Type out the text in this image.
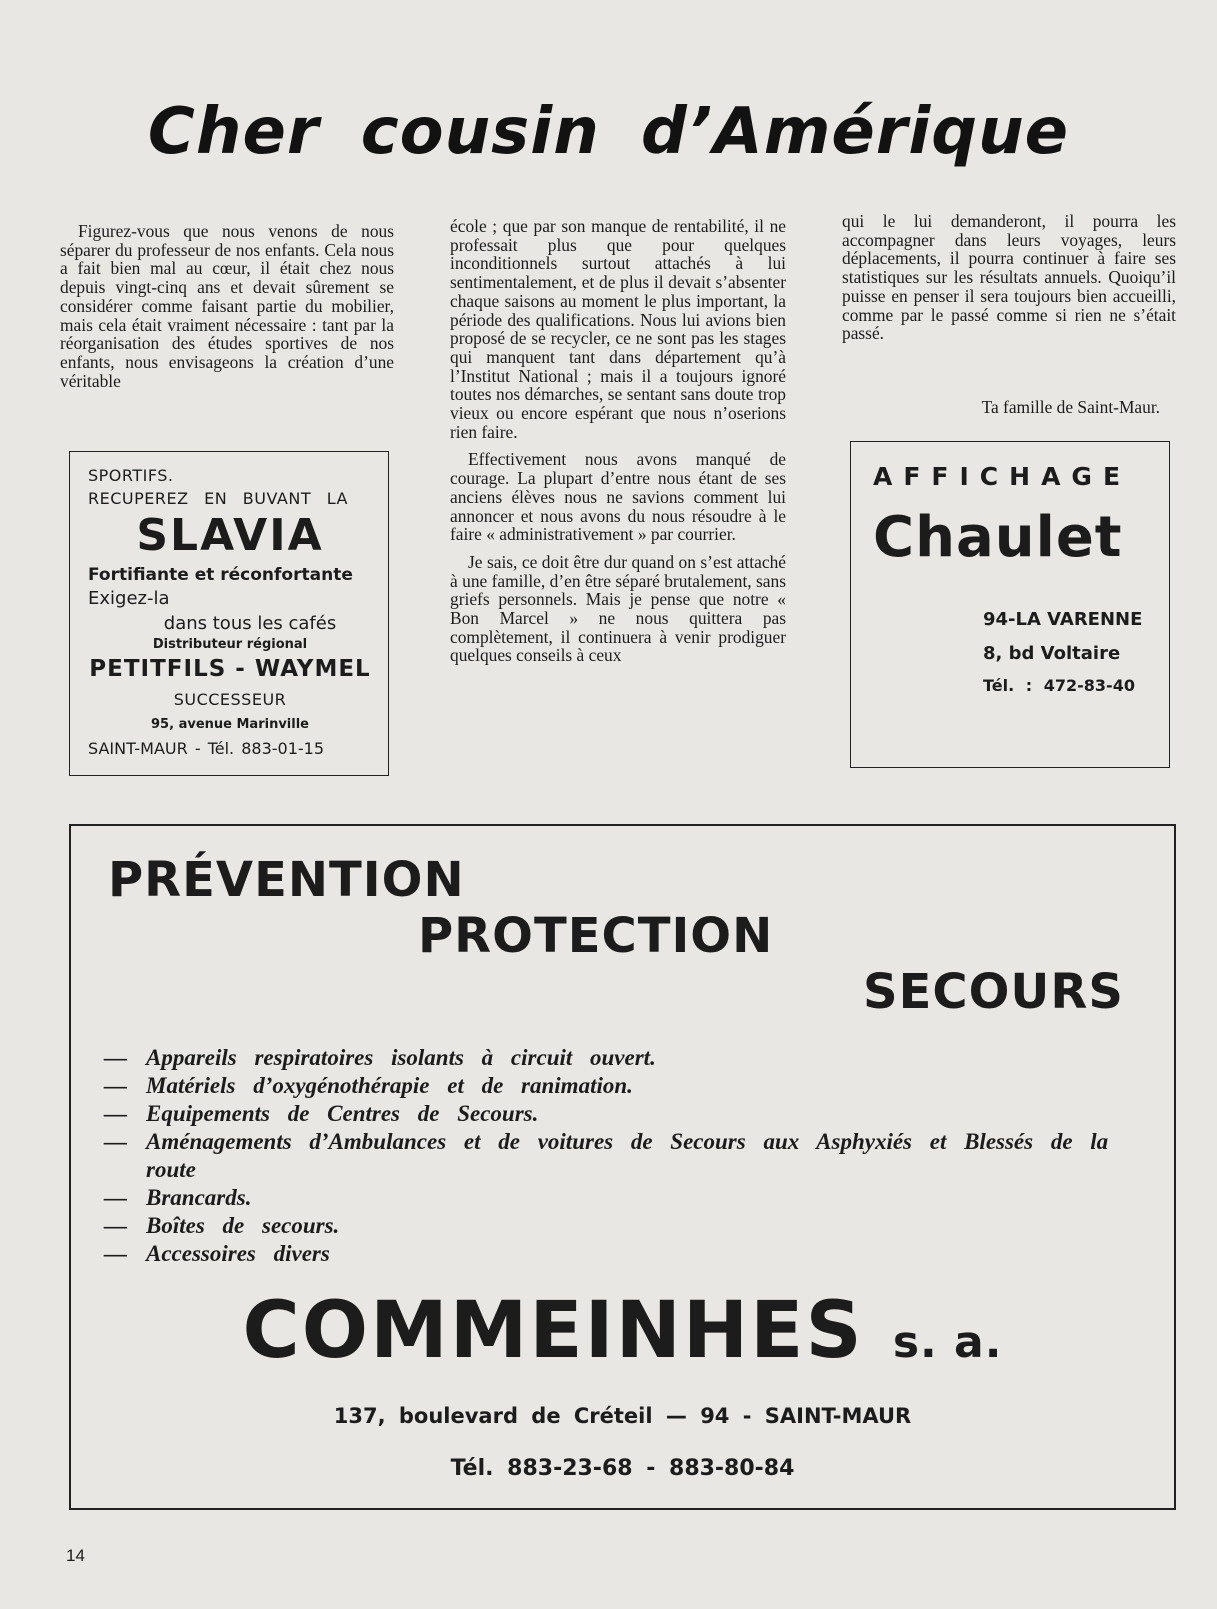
Cher cousin d’Amérique

Figurez-vous que nous venons de nous séparer du professeur de nos enfants. Cela nous a fait bien mal au cœur, il était chez nous depuis vingt-cinq ans et devait sûrement se considérer comme faisant partie du mobilier, mais cela était vraiment nécessaire : tant par la réorganisation des études sportives de nos enfants, nous envisageons la création d’une véritable

école ; que par son manque de rentabilité, il ne professait plus que pour quelques inconditionnels surtout attachés à lui sentimentalement, et de plus il devait s’absenter chaque saisons au moment le plus important, la période des qualifications. Nous lui avions bien proposé de se recycler, ce ne sont pas les stages qui manquent tant dans département qu’à l’Institut National ; mais il a toujours ignoré toutes nos démarches, se sentant sans doute trop vieux ou encore espérant que nous n’oserions rien faire.

Effectivement nous avons manqué de courage. La plupart d’entre nous étant de ses anciens élèves nous ne savions comment lui annoncer et nous avons du nous résoudre à le faire « administrativement » par courrier.

Je sais, ce doit être dur quand on s’est attaché à une famille, d’en être séparé brutalement, sans griefs personnels. Mais je pense que notre « Bon Marcel » ne nous quittera pas complètement, il continuera à venir prodiguer quelques conseils à ceux

qui le lui demanderont, il pourra les accompagner dans leurs voyages, leurs déplacements, il pourra continuer à faire ses statistiques sur les résultats annuels. Quoiqu’il puisse en penser il sera toujours bien accueilli, comme par le passé comme si rien ne s’était passé.

Ta famille de Saint-Maur.

SPORTIFS.

RECUPEREZ EN BUVANT LA

SLAVIA

Fortifiante et réconfortante

Exigez-la

dans tous les cafés

Distributeur régional

PETITFILS - WAYMEL

SUCCESSEUR

95, avenue Marinville

SAINT-MAUR - Tél. 883-01-15

AFFICHAGE

Chaulet

94-LA VARENNE

8, bd Voltaire

Tél. : 472-83-40

PRÉVENTION

PROTECTION

SECOURS

— Appareils respiratoires isolants à circuit ouvert.
— Matériels d’oxygénothérapie et de ranimation.
— Equipements de Centres de Secours.
— Aménagements d’Ambulances et de voitures de Secours aux Asphyxiés et Blessés de la route
— Brancards.
— Boîtes de secours.
— Accessoires divers

COMMEINHES s. a.

137, boulevard de Créteil — 94 - SAINT-MAUR

Tél. 883-23-68 - 883-80-84

14
